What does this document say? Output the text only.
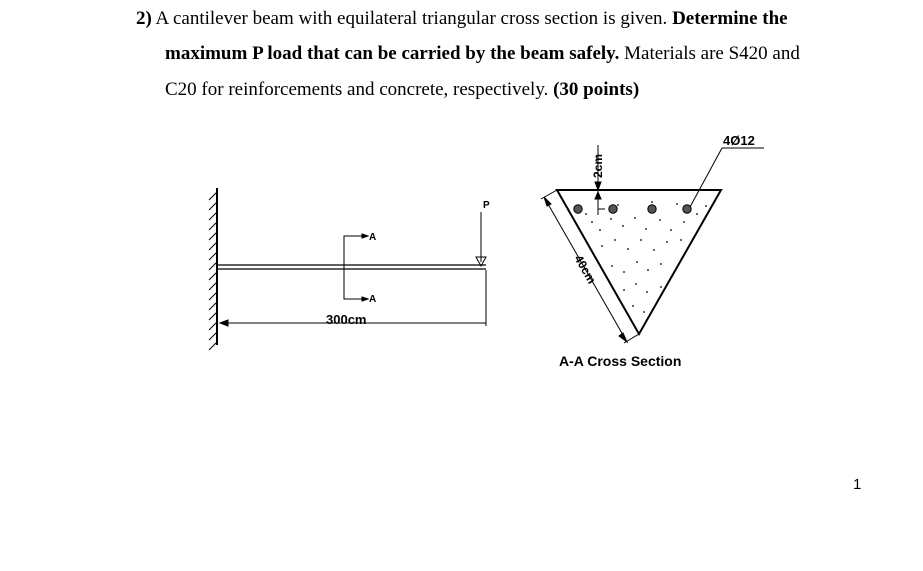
2) A cantilever beam with equilateral triangular cross section is given. Determine the
maximum P load that can be carried by the beam safely. Materials are S420 and
C20 for reinforcements and concrete, respectively. (30 points)
P
A
A
300cm
2cm
40cm
4Ø12
A-A Cross Section
1
